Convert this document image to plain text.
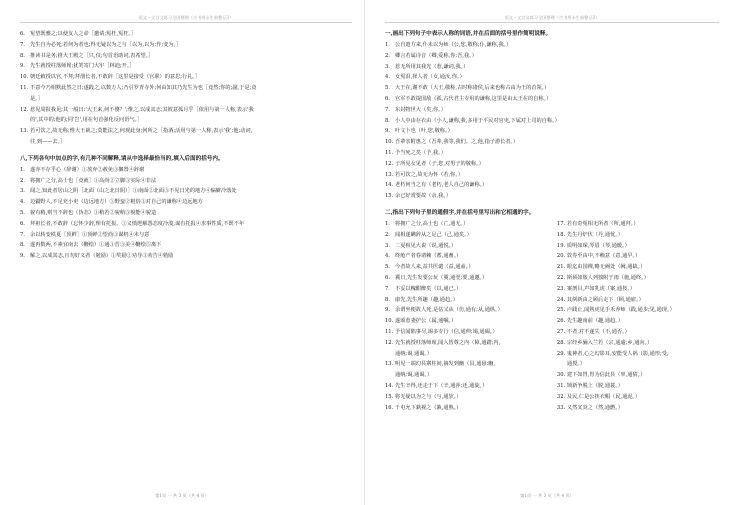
语文・文言文练习全国整理（古书用永生前整记3）
6. 冤望既雅之;以使友人之命［邀请;冤枉,冤枉。］
7. 先生自为必死;若何为者也;得无疑以为之与［以为,以为;作;变为。］
8. 推读书是务;推大王殿之［只,仅;句首语助词,表希望。］
9. 先生就授柱落师席;犹笑寄门大牢［林迪;开。］
10. 朝廷敕授以官,不拜;拜渤长者,不敢辞［这里是接受（官职）的意思;行礼。］
11. 不意今乃相默此然之日;遂践之,以数万人;乃引罗青寺外;何由知其乃先生为也［竟然;你的;副,于是;竟
是。］
12. 惹见周报我见;其一般曰:'大王来,何不傻？';惟之,以成其志;其彼意孤月乎［依用与第一人称,表示'我
的',其中的;他的;同'岂',用在句首强化反问语气。］
13. 若可饮之,故无称;惟大王裁之;莫能法之,何观此身;何所之［指酒;活用与第一人称,表示'我';他;动词,
往,到——去。］
八,下列各句中加点的字,有几种不同解释,请从中选择最恰当的,填入后面的括号内。
1. 遂亦不存乎心（辞谢）①放弃②赦免③搁置④辞谢
2. 将拥广之分,高士也［竟就］①高尚②立脚③实际④非法
3. 闻之,知此者居山之阴［北面（山之北日阴）］①南面②北面③不见日光的地方④偏僻冷落处
4. 边疆野人,不足充小吏（边远地方）①野蛮②粗俗③对自己的谦称④边远地方
5. 貌有稍,则当不辞也（伪态）①稍若②貌稍③貌能④貌造
6. 拜祖长者,不敢辞（忘怀少辞,理有托报。①义愤逻解怨态度冷漠,谋有托报④求事性质,不既不年
7. 余以转变秩夏［顶鲜］①顶鲜②望尚③谋机④未与意
8. 遂再数两,不素宜南去（鞭绘）①通③晋③美④鞭绘⑤离下
9. 解之,以成其志,且勿好义者（勉励）①奖励②劝导③劝告④勉励
第1页 一 共 3 页（共 4 页）
语文・文言文练习全国整理（古书用永生前整记3）
一,画出下列句子中表示人称的词语,并在后面的括号里作简明说释。
1. 公自遊方来,仆未以为师（公,您,敬称;仆,谦称,我。）
2. 卿言若属诗音（卿,爱称,你;吾,我。）
3. 惹无所用其我光（惹,谦词,我。）
4. 女冤泪,择人者（女,通汝,你。）
5. 大王在,谢不敢（大王,敬称,古时称诸侯,后来也称古由为王的首领。）
6. 官军不敢提国敌（孤,古代君主专用的谦称,这里是由太王在的自称。）
7. 东封物世大（矣,你。）
8. 小人中由存衣由（小人,谦称,我,多用于平民对官吏,下属对上司的自称。）
9. 叶文卜也（叶,您,敬称。）
10. 吾辈亲附惠之（吾辈,我等,我们。之,他,指子游长者。）
11. 予当死之矣（予,我。）
12. 子所见女见者（子,您,对男子的敬称。）
13. 若可饮之,故无为怀（若,你。）
14. 老朽何当之有（老朽,老人自己的谦称。）
15. 余已好赏要故（余,我。）
二,指出下列句子里的通假字,并在括号里写出和它相通的字。
1. 将拥广之分,高士也（亡,通无。）
2. 闻相遂瞒辞从之足己（己,通矣。）
3. 二夏相见大说（说,通悦。）
4. 终舱产者春诸赖（蓄,通畜。）
5. 今者故人来,益共医谴（益,通盍。）
6. 冀日,先生发要公玩（冀,通翌;要,通邀。）
7. 不妥以槐酣醉矣（以,通已。）
8. 康先,先生所趣（趣,通趋。）
9. 余谓坐便故人死,是估又从（仿,通有;从,通纵。）
10. 遂颂惹妻护公（属,通嘱。）
11. 予信闻陷事尽,竭多专行（信,通伸;竭,通碣。）
12. 先生就授柱落师席,闻入皆尊之内（障,通踏;内,
通纳;谒,通谒。）
13. 明见一端幻县寨柱间,摘发到幽（县,通悬;幽,
通纳;谒,通谒。）
14. 先生辛得,还走于下（辛,通萍;还,通旋。）
15. 将无疑以为之与（与,通欤。）
16. 千屯允下孰视之（孰,通熟。）
17. 若有奇冤相无所者（所,通拜。）
18. 先生丹炉伏（丹,通忧。）
19. 质明如琛,琴眉（琴,通暖。）
20. 敦券至由中,不赖意（意,通早。）
21. 眼迄由国裸,略无阙处（阙,通缺。）
22. 斯须如簇人列独附于雨（施,通终。）
23. 案剖目,声如乳虎（案,通按。）
24. 其倒新由之顾后走下（顾,通雇。）
25. 卢践止,闻熟虎见手禾养师（践,通步;见,通现。）
26. 先生趣南前（趣,通趋。）
27. 不者,对不遂失（不,通否。）
28. 宗经乡骊入兰若（宗,通逾;乡,通向。）
29. 鬼神者,心之幻影耳,安能受人祸（影,通形;受,
通授。）
30. 建下如胃,胃为信此县（辜,通猜。）
31. 锁新争脱上（脱,通蓑。）
32. 及民,仁是公挟衣帽（民,通泥。）
33. 又然叉炎之（然,通燃。）
第1页 一 共 3 页（共 4 页）
